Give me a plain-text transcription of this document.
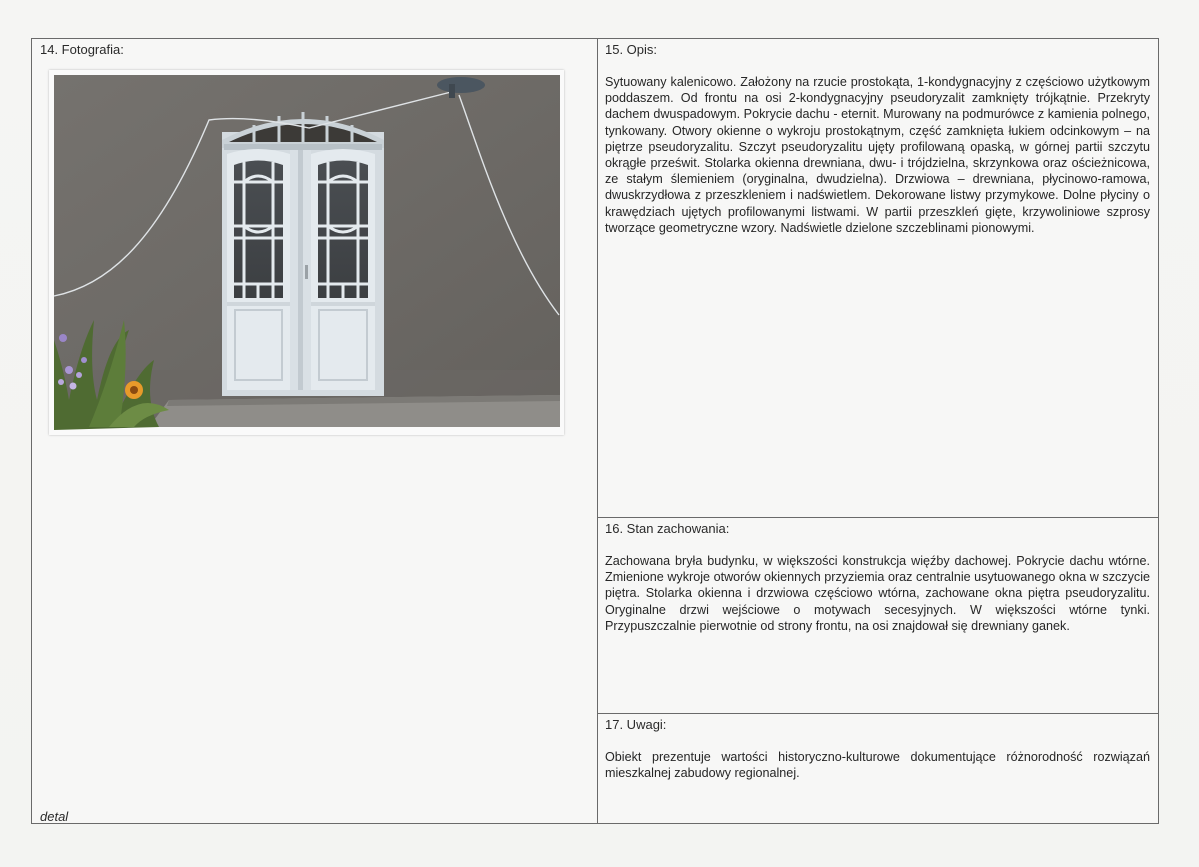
14. Fotografia:
detal
15. Opis:
Sytuowany kalenicowo. Założony na rzucie prostokąta, 1-kondygnacyjny z częściowo użytkowym poddaszem. Od frontu na osi 2-kondygnacyjny pseudoryzalit zamknięty trójkątnie. Przekryty dachem dwuspadowym. Pokrycie dachu - eternit. Murowany na podmurówce z kamienia polnego, tynkowany. Otwory okienne o wykroju prostokątnym, część zamknięta łukiem odcinkowym – na piętrze pseudoryzalitu. Szczyt pseudoryzalitu ujęty profilowaną opaską, w górnej partii szczytu okrągłe prześwit. Stolarka okienna drewniana, dwu- i trójdzielna, skrzynkowa oraz ościeżnicowa, ze stałym ślemieniem (oryginalna, dwudzielna). Drzwiowa – drewniana, płycinowo-ramowa, dwuskrzydłowa z przeszkleniem i nadświetlem. Dekorowane listwy przymykowe. Dolne płyciny o krawędziach ujętych profilowanymi listwami. W partii przeszkleń gięte, krzywoliniowe szprosy tworzące geometryczne wzory. Nadświetle dzielone szczeblinami pionowymi.
16. Stan zachowania:
Zachowana bryła budynku, w większości konstrukcja więźby dachowej. Pokrycie dachu wtórne. Zmienione wykroje otworów okiennych przyziemia oraz centralnie usytuowanego okna w szczycie piętra. Stolarka okienna i drzwiowa częściowo wtórna, zachowane okna piętra pseudoryzalitu. Oryginalne drzwi wejściowe o motywach secesyjnych. W większości wtórne tynki. Przypuszczalnie pierwotnie od strony frontu, na osi znajdował się drewniany ganek.
17. Uwagi:
Obiekt prezentuje wartości historyczno-kulturowe dokumentujące różnorodność rozwiązań mieszkalnej zabudowy regionalnej.
